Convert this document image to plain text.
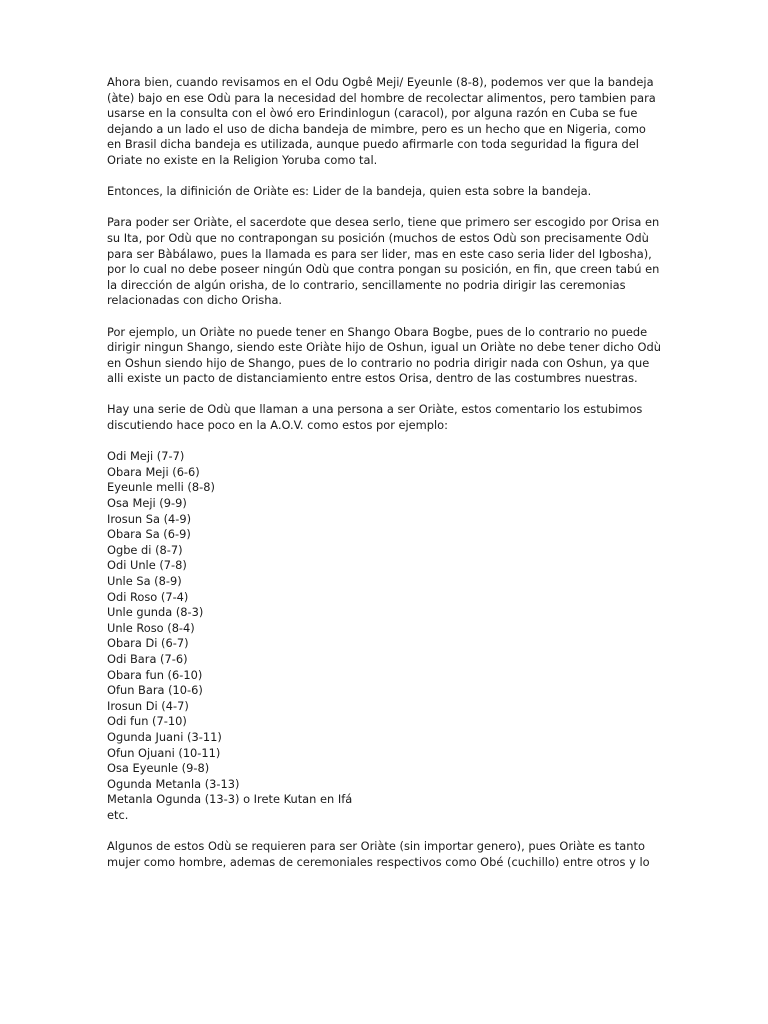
Ahora bien, cuando revisamos en el Odu Ogbê Meji/ Eyeunle (8-8), podemos ver que la bandeja
(àte) bajo en ese Odù para la necesidad del hombre de recolectar alimentos, pero tambien para
usarse en la consulta con el òwó ero Erindinlogun (caracol), por alguna razón en Cuba se fue
dejando a un lado el uso de dicha bandeja de mimbre, pero es un hecho que en Nigeria, como
en Brasil dicha bandeja es utilizada, aunque puedo afirmarle con toda seguridad la figura del
Oriate no existe en la Religion Yoruba como tal.
Entonces, la difinición de Oriàte es: Lider de la bandeja, quien esta sobre la bandeja.
Para poder ser Oriàte, el sacerdote que desea serlo, tiene que primero ser escogido por Orisa en
su Ita, por Odù que no contrapongan su posición (muchos de estos Odù son precisamente Odù
para ser Bàbálawo, pues la llamada es para ser lider, mas en este caso seria lider del Igbosha),
por lo cual no debe poseer ningún Odù que contra pongan su posición, en fin, que creen tabú en
la dirección de algún orisha, de lo contrario, sencillamente no podria dirigir las ceremonias
relacionadas con dicho Orisha.
Por ejemplo, un Oriàte no puede tener en Shango Obara Bogbe, pues de lo contrario no puede
dirigir ningun Shango, siendo este Oriàte hijo de Oshun, igual un Oriàte no debe tener dicho Odù
en Oshun siendo hijo de Shango, pues de lo contrario no podria dirigir nada con Oshun, ya que
alli existe un pacto de distanciamiento entre estos Orisa, dentro de las costumbres nuestras.
Hay una serie de Odù que llaman a una persona a ser Oriàte, estos comentario los estubimos
discutiendo hace poco en la A.O.V. como estos por ejemplo:
Odi Meji (7-7)
Obara Meji (6-6)
Eyeunle melli (8-8)
Osa Meji (9-9)
Irosun Sa (4-9)
Obara Sa (6-9)
Ogbe di (8-7)
Odi Unle (7-8)
Unle Sa (8-9)
Odi Roso (7-4)
Unle gunda (8-3)
Unle Roso (8-4)
Obara Di (6-7)
Odi Bara (7-6)
Obara fun (6-10)
Ofun Bara (10-6)
Irosun Di (4-7)
Odi fun (7-10)
Ogunda Juani (3-11)
Ofun Ojuani (10-11)
Osa Eyeunle (9-8)
Ogunda Metanla (3-13)
Metanla Ogunda (13-3) o Irete Kutan en Ifá
etc.
Algunos de estos Odù se requieren para ser Oriàte (sin importar genero), pues Oriàte es tanto
mujer como hombre, ademas de ceremoniales respectivos como Obé (cuchillo) entre otros y lo
